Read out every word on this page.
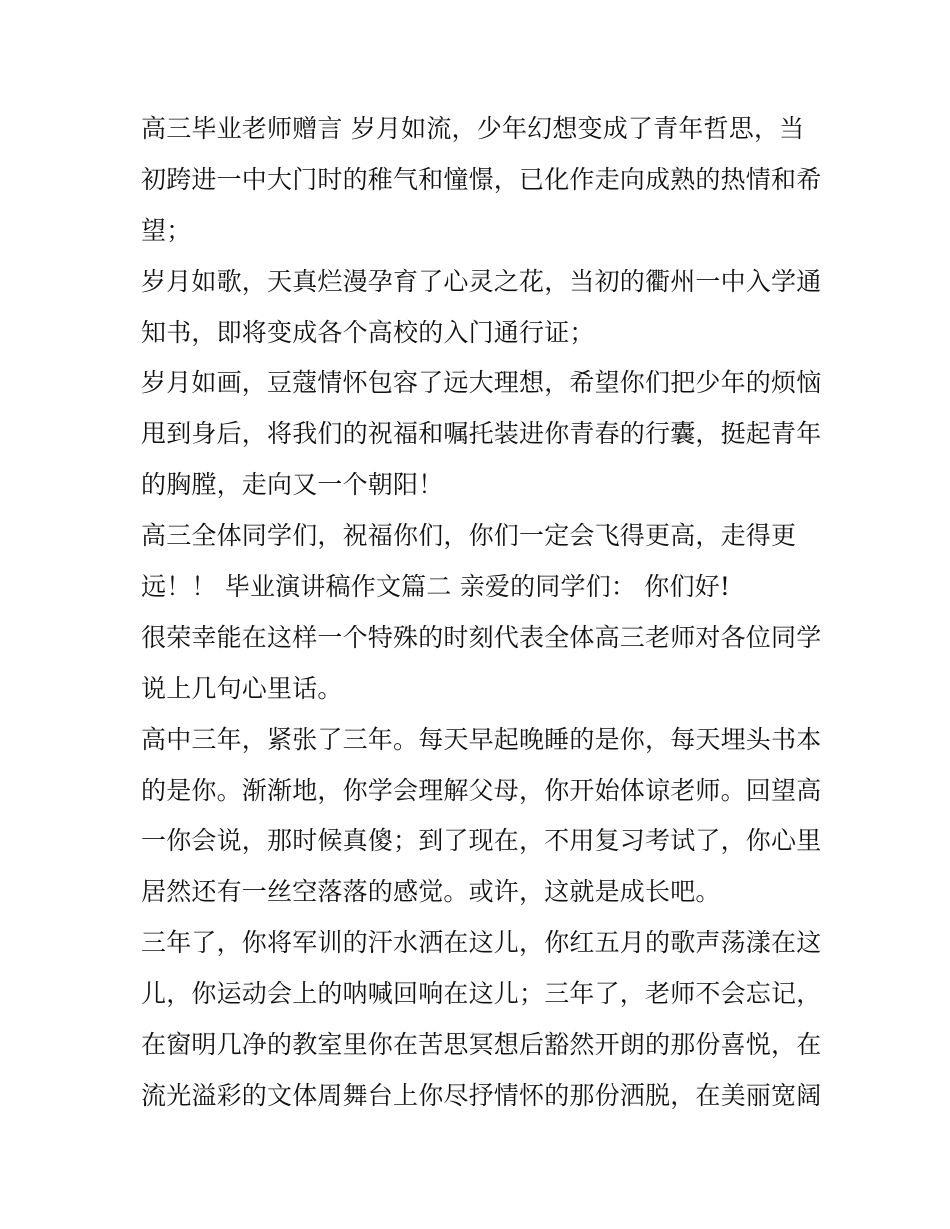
高三毕业老师赠言 岁月如流，少年幻想变成了青年哲思，当
初跨进一中大门时的稚气和憧憬，已化作走向成熟的热情和希
望；
岁月如歌，天真烂漫孕育了心灵之花，当初的衢州一中入学通
知书，即将变成各个高校的入门通行证；
岁月如画，豆蔻情怀包容了远大理想，希望你们把少年的烦恼
甩到身后，将我们的祝福和嘱托装进你青春的行囊，挺起青年
的胸膛，走向又一个朝阳！
高三全体同学们，祝福你们，你们一定会飞得更高，走得更
远！！ 毕业演讲稿作文篇二 亲爱的同学们： 你们好!
很荣幸能在这样一个特殊的时刻代表全体高三老师对各位同学
说上几句心里话。
高中三年，紧张了三年。每天早起晚睡的是你，每天埋头书本
的是你。渐渐地，你学会理解父母，你开始体谅老师。回望高
一你会说，那时候真傻；到了现在，不用复习考试了，你心里
居然还有一丝空落落的感觉。或许，这就是成长吧。
三年了，你将军训的汗水洒在这儿，你红五月的歌声荡漾在这
儿，你运动会上的呐喊回响在这儿；三年了，老师不会忘记，
在窗明几净的教室里你在苦思冥想后豁然开朗的那份喜悦，在
流光溢彩的文体周舞台上你尽抒情怀的那份洒脱，在美丽宽阔
